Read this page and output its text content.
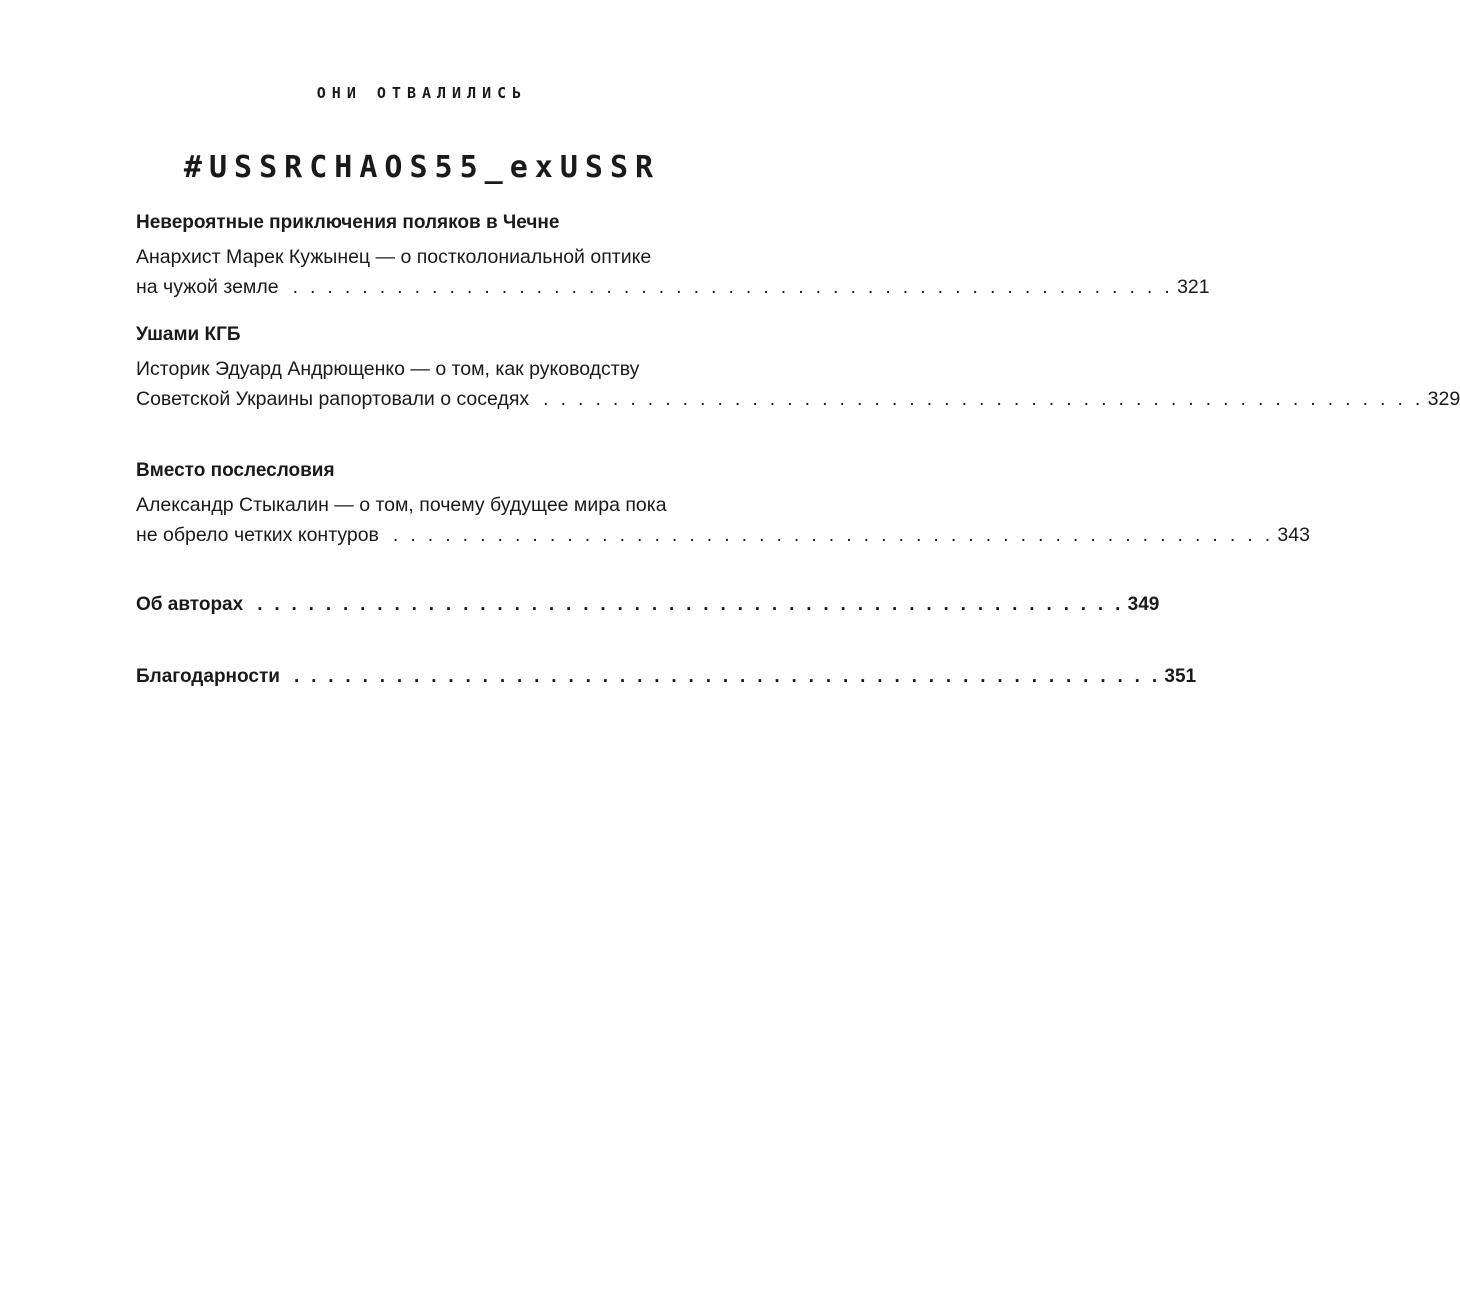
ОНИ ОТВАЛИЛИСЬ
#USSRCHAOS55_exUSSR
Невероятные приключения поляков в Чечне
Анархист Марек Кужынец — о постколониальной оптике
на чужой земле . . . . . . . . . . . . . . . . . . . . . . . . . . . . . . . . . . . . . . . . . . . . . . . . . . . 321
Ушами КГБ
Историк Эдуард Андрющенко — о том, как руководству
Советской Украины рапортовали о соседях . . . . . . . . . . . . . . . . . . . . . . . . . . . . . . . . . . . . . . . . . . . . . . . . . . . 329
Вместо послесловия
Александр Стыкалин — о том, почему будущее мира пока
не обрело четких контуров . . . . . . . . . . . . . . . . . . . . . . . . . . . . . . . . . . . . . . . . . . . . . . . . . . . 343
Об авторах . . . . . . . . . . . . . . . . . . . . . . . . . . . . . . . . . . . . . . . . . . . . . . . . . . . 349
Благодарности . . . . . . . . . . . . . . . . . . . . . . . . . . . . . . . . . . . . . . . . . . . . . . . . . . . 351
